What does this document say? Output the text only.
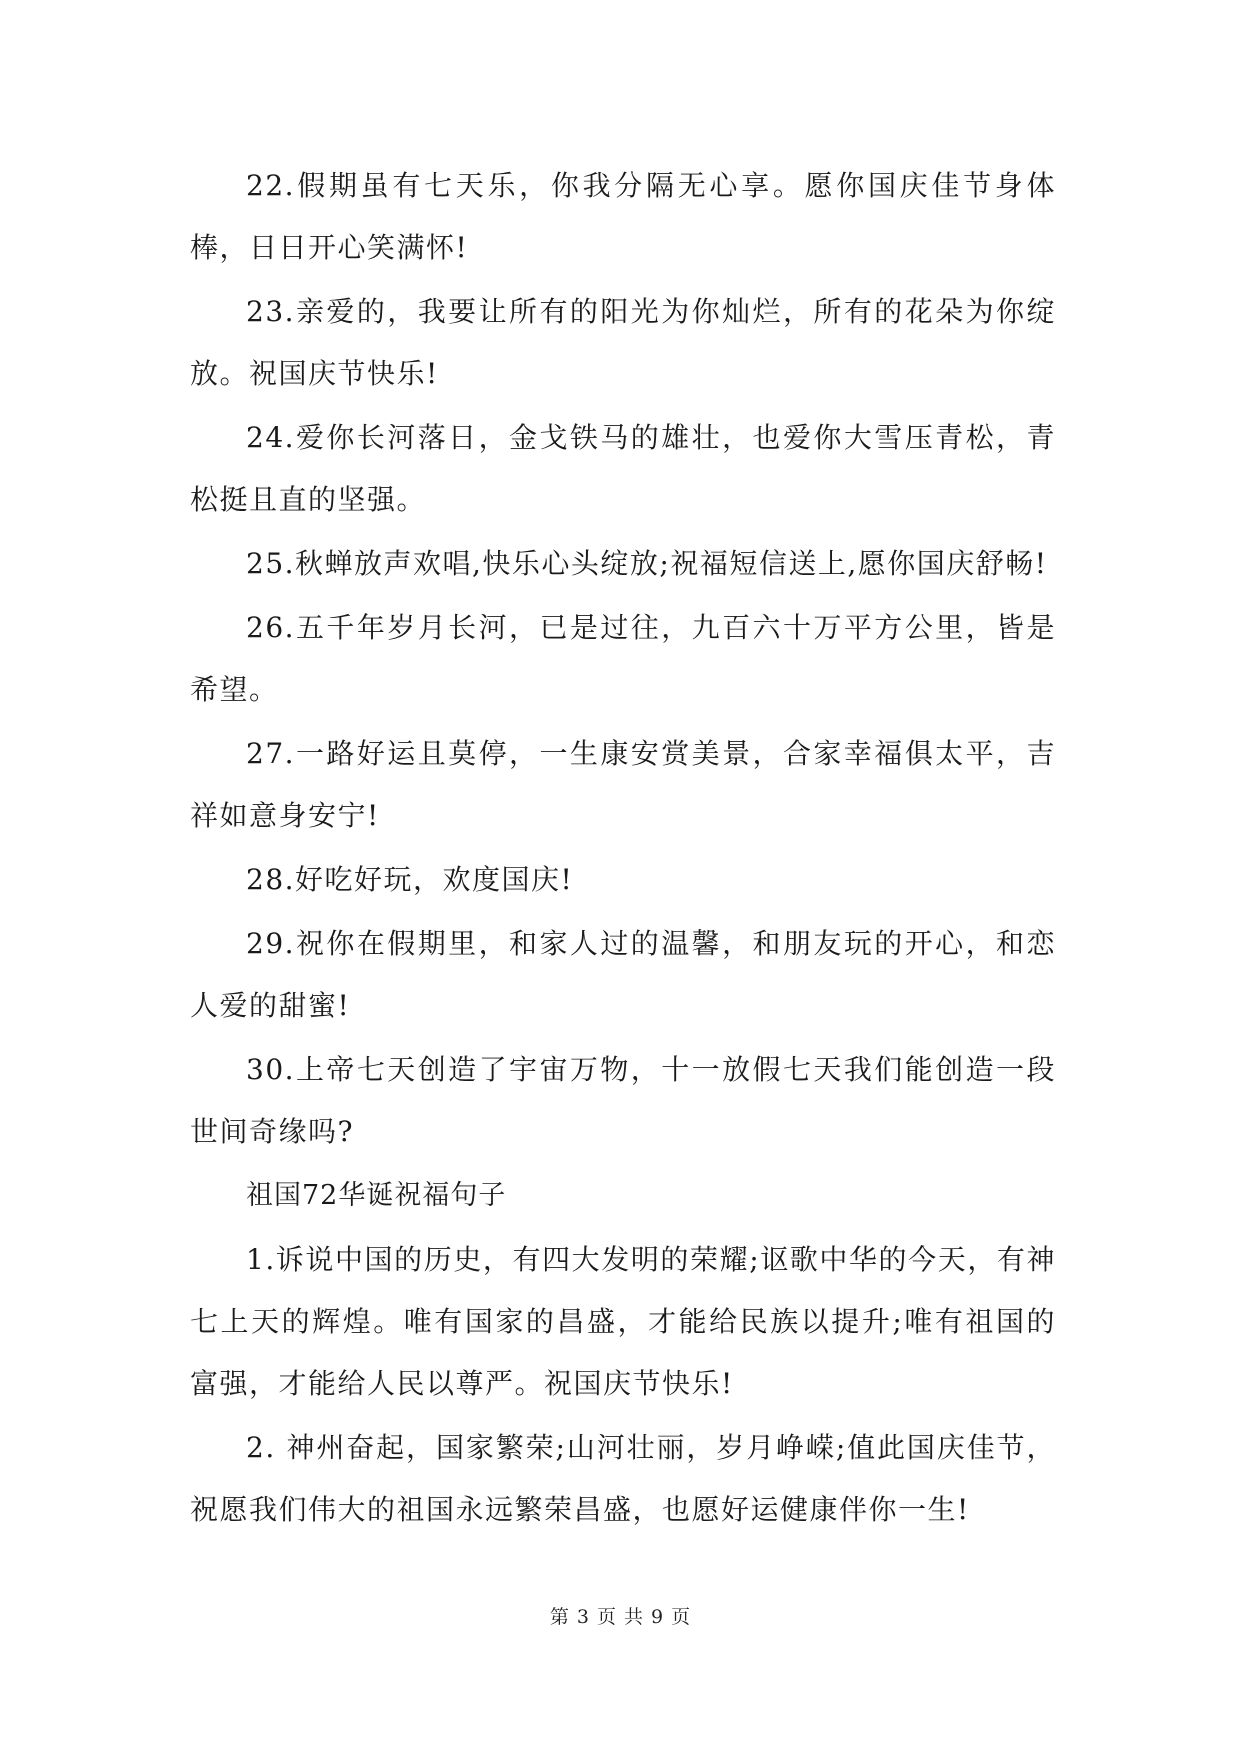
22.假期虽有七天乐，你我分隔无心享。愿你国庆佳节身体棒，日日开心笑满怀!

23.亲爱的，我要让所有的阳光为你灿烂，所有的花朵为你绽放。祝国庆节快乐!

24.爱你长河落日，金戈铁马的雄壮，也爱你大雪压青松，青松挺且直的坚强。

25.秋蝉放声欢唱,快乐心头绽放;祝福短信送上,愿你国庆舒畅!

26.五千年岁月长河，已是过往，九百六十万平方公里，皆是希望。

27.一路好运且莫停，一生康安赏美景，合家幸福俱太平，吉祥如意身安宁!

28.好吃好玩，欢度国庆!

29.祝你在假期里，和家人过的温馨，和朋友玩的开心，和恋人爱的甜蜜!

30.上帝七天创造了宇宙万物，十一放假七天我们能创造一段世间奇缘吗?

祖国72华诞祝福句子

1.诉说中国的历史，有四大发明的荣耀;讴歌中华的今天，有神七上天的辉煌。唯有国家的昌盛，才能给民族以提升;唯有祖国的富强，才能给人民以尊严。祝国庆节快乐!

2. 神州奋起，国家繁荣;山河壮丽，岁月峥嵘;值此国庆佳节，祝愿我们伟大的祖国永远繁荣昌盛，也愿好运健康伴你一生!

第 3 页 共 9 页
